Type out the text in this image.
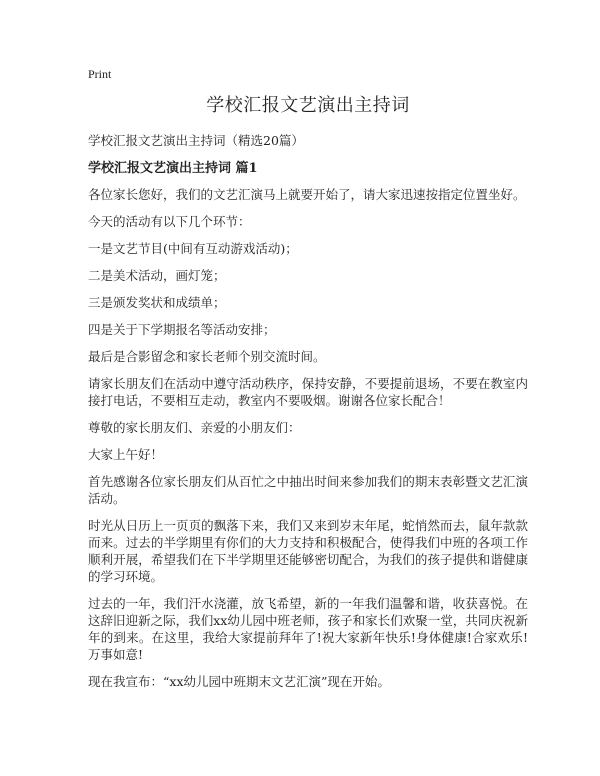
Print
学校汇报文艺演出主持词

学校汇报文艺演出主持词（精选20篇）

学校汇报文艺演出主持词 篇1

各位家长您好，我们的文艺汇演马上就要开始了，请大家迅速按指定位置坐好。

今天的活动有以下几个环节：

一是文艺节目(中间有互动游戏活动)；

二是美术活动，画灯笼；

三是颁发奖状和成绩单；

四是关于下学期报名等活动安排；

最后是合影留念和家长老师个别交流时间。

请家长朋友们在活动中遵守活动秩序，保持安静，不要提前退场，不要在教室内接打电话，不要相互走动，教室内不要吸烟。谢谢各位家长配合！

尊敬的家长朋友们、亲爱的小朋友们：

大家上午好！

首先感谢各位家长朋友们从百忙之中抽出时间来参加我们的期末表彰暨文艺汇演活动。

时光从日历上一页页的飘落下来，我们又来到岁末年尾，蛇悄然而去，鼠年款款而来。过去的半学期里有你们的大力支持和积极配合，使得我们中班的各项工作顺利开展，希望我们在下半学期里还能够密切配合，为我们的孩子提供和谐健康的学习环境。

过去的一年，我们汗水浇灌，放飞希望，新的一年我们温馨和谐，收获喜悦。在这辞旧迎新之际，我们xx幼儿园中班老师，孩子和家长们欢聚一堂，共同庆祝新年的到来。在这里，我给大家提前拜年了!祝大家新年快乐!身体健康!合家欢乐!万事如意!

现在我宣布：“xx幼儿园中班期末文艺汇演”现在开始。
